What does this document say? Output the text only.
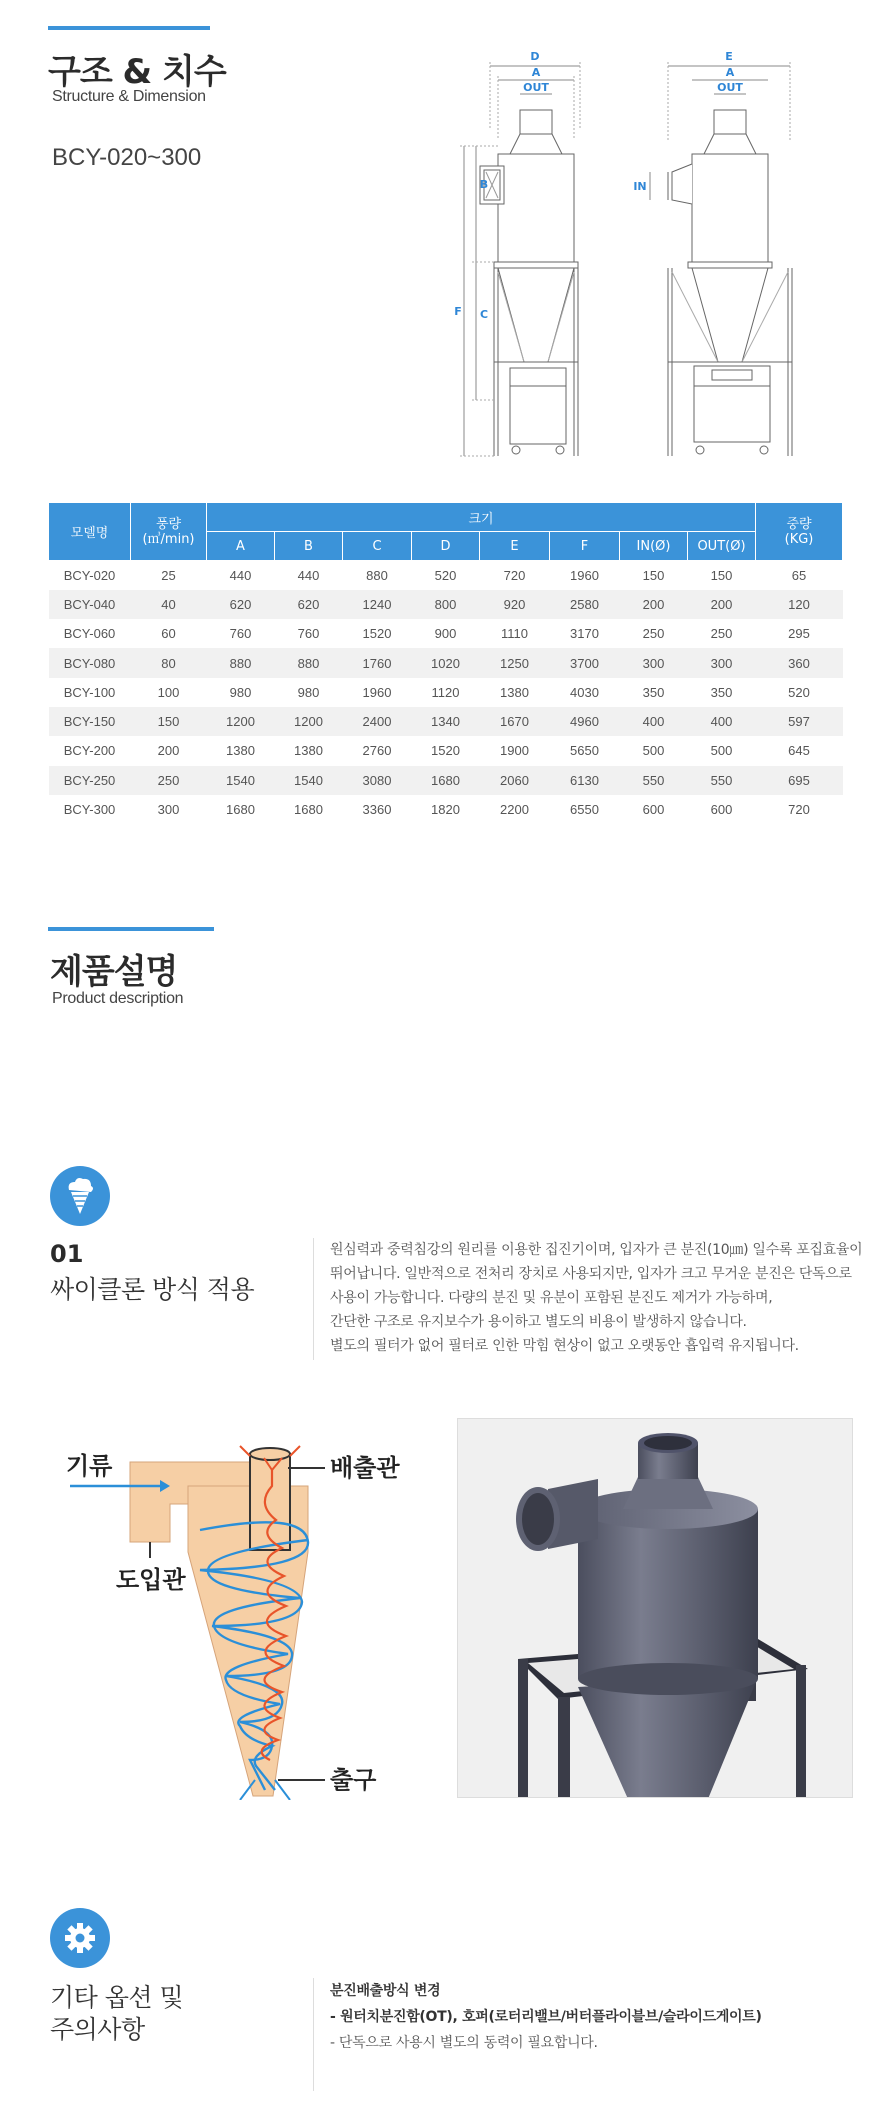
구조 & 치수
Structure & Dimension
BCY-020~300
D
A
OUT
B
F C
E
A
OUT
IN
모델명	풍량
(㎥/min)	크기								중량
(KG)
		A	B	C	D	E	F	IN(Ø)	OUT(Ø)	
BCY-020	25	440	440	880	520	720	1960	150	150	65
BCY-040	40	620	620	1240	800	920	2580	200	200	120
BCY-060	60	760	760	1520	900	1110	3170	250	250	295
BCY-080	80	880	880	1760	1020	1250	3700	300	300	360
BCY-100	100	980	980	1960	1120	1380	4030	350	350	520
BCY-150	150	1200	1200	2400	1340	1670	4960	400	400	597
BCY-200	200	1380	1380	2760	1520	1900	5650	500	500	645
BCY-250	250	1540	1540	3080	1680	2060	6130	550	550	695
BCY-300	300	1680	1680	3360	1820	2200	6550	600	600	720
제품설명
Product description
01
싸이클론 방식 적용
원심력과 중력침강의 원리를 이용한 집진기이며, 입자가 큰 분진(10㎛) 일수록 포집효율이
뛰어납니다. 일반적으로 전처리 장치로 사용되지만, 입자가 크고 무거운 분진은 단독으로
사용이 가능합니다. 다량의 분진 및 유분이 포함된 분진도 제거가 가능하며,
간단한 구조로 유지보수가 용이하고 별도의 비용이 발생하지 않습니다.
별도의 필터가 없어 필터로 인한 막힘 현상이 없고 오랫동안 흡입력 유지됩니다.
기류
도입관
배출관
출구
기타 옵션 및
주의사항
분진배출방식 변경
- 원터치분진함(OT), 호퍼(로터리밸브/버터플라이블브/슬라이드게이트)
- 단독으로 사용시 별도의 동력이 필요합니다.
